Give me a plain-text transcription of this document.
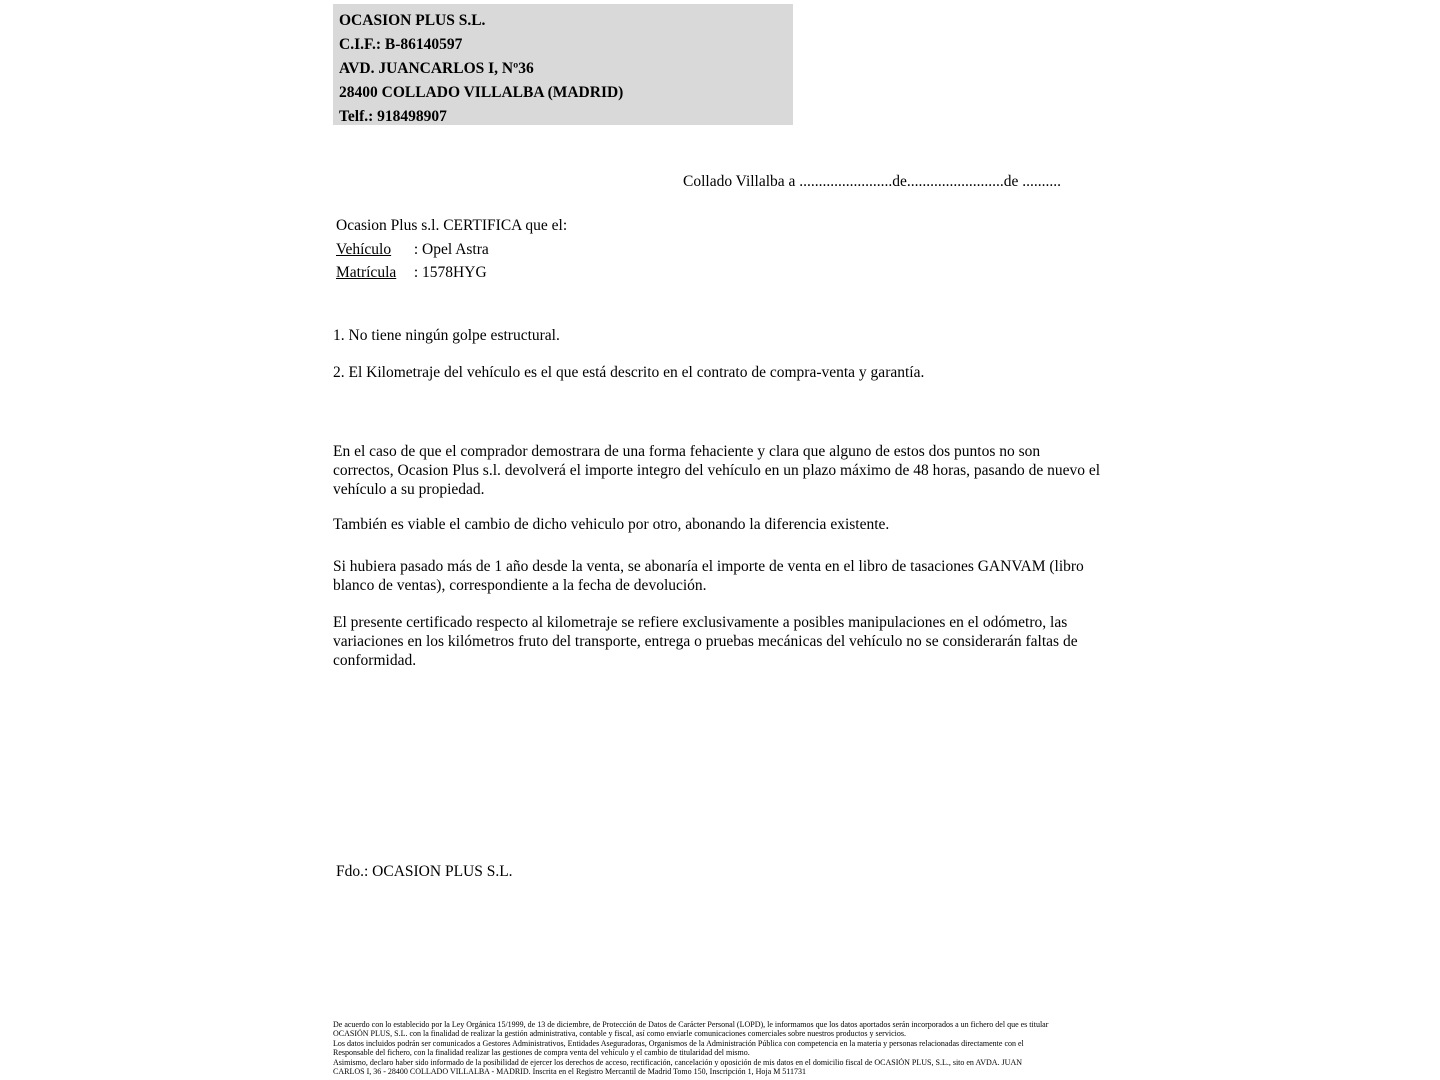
OCASION PLUS S.L.
C.I.F.: B-86140597
AVD. JUANCARLOS I, Nº36
28400 COLLADO VILLALBA (MADRID)
Telf.: 918498907
Collado Villalba a ........................de.........................de ..........
Ocasion Plus s.l. CERTIFICA que el:
Vehículo : Opel Astra
Matrícula : 1578HYG
1. No tiene ningún golpe estructural.
2. El Kilometraje del vehículo es el que está descrito en el contrato de compra-venta y garantía.
En el caso de que el comprador demostrara de una forma fehaciente y clara que alguno de estos dos puntos no son correctos, Ocasion Plus s.l. devolverá el importe integro del vehículo en un plazo máximo de 48 horas, pasando de nuevo el vehículo a su propiedad.
También es viable el cambio de dicho vehiculo por otro, abonando la diferencia existente.
Si hubiera pasado más de 1 año desde la venta, se abonaría el importe de venta en el libro de tasaciones GANVAM (libro blanco de ventas), correspondiente a la fecha de devolución.
El presente certificado respecto al kilometraje se refiere exclusivamente a posibles manipulaciones en el odómetro, las variaciones en los kilómetros fruto del transporte, entrega o pruebas mecánicas del vehículo no se considerarán faltas de conformidad.
Fdo.: OCASION PLUS S.L.
De acuerdo con lo establecido por la Ley Orgánica 15/1999, de 13 de diciembre, de Protección de Datos de Carácter Personal (LOPD), le informamos que los datos aportados serán incorporados a un fichero del que es titular
OCASIÓN PLUS, S.L. con la finalidad de realizar la gestión administrativa, contable y fiscal, así como enviarle comunicaciones comerciales sobre nuestros productos y servicios.
Los datos incluidos podrán ser comunicados a Gestores Administrativos, Entidades Aseguradoras, Organismos de la Administración Pública con competencia en la materia y personas relacionadas directamente con el
Responsable del fichero, con la finalidad realizar las gestiones de compra venta del vehículo y el cambio de titularidad del mismo.
Asimismo, declaro haber sido informado de la posibilidad de ejercer los derechos de acceso, rectificación, cancelación y oposición de mis datos en el domicilio fiscal de OCASIÓN PLUS, S.L., sito en AVDA. JUAN
CARLOS I, 36 - 28400 COLLADO VILLALBA - MADRID. Inscrita en el Registro Mercantil de Madrid Tomo 150, Inscripción 1, Hoja M 511731
